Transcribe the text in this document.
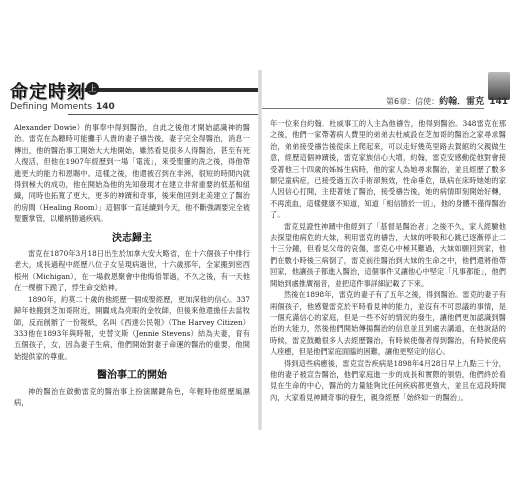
命定時刻 上
Defining Moments 140

Alexander Dowie）的事奉中得到醫治，自此之後他才開始認識神的醫治。雷克在為聽時可能攤手人貴的妻子禱告後，妻子完全得醫治，消息一傳出，他的醫治事工開始大大地開始，雖然看見很多人得醫治，甚至有死人復活，但他在1907年經歷到一場「電流」，來受聖靈的洗之後，得他帶進更大的能力和恩賜中。這樣之後，他還被召到在非洲，很短的時間內就得到極大的成功，他在開始為他的先知發現才在建立非常重要的低基和組織，同時也拓寬了更大，更多的神蹟和奇事，後來他回到北美建立了醫治的房間（Healing Room）」這個事一直延續到今天，他不斷強調要完全被聖靈掌管，以權柄勝過疾病。

決志歸主

雷克在1870年3月18日出生於加拿大安大略省，在十六個孩子中排行老大，成長過程中經歷八位子女呈現病過世，十六歲那年，全家搬到密西根州（Michigan），在一場救恩聚會中他悔悟罪過，不久之後，有一天他在一棵樹下跪了，悖生命交給神。

1890年，約莫二十歲的他經歷一個成聖經歷，更加深他的信心。337歸年他搬到芝加哥附近，開闢成為亮眼的金牧師，但後來他還擔任去當牧師，反而創辦了一份報紙，名叫《西達公民報》（The Harvey Citizen）333他在1893年與時報，史替文斯（Jennie Stevens）結為夫妻，育有五個孩子，女，因為妻子生病，他們開始對妻子命運的醫治的重要，他開始提供家的尊重。

醫治事工的開始

神的醫治在啟動雷克的醫治事上扮演關鍵角色，年輕時他經歷風濕病，

第6章：信使：約翰．雷克 141

年一位來自約翰．杜威事工的人主為他禱告，他得到醫治。348雷克在那之後，他們一家帶著病人費里的弟弟去杜威設在芝加哥的醫治之家尋求醫治，弟弟接受禱告後從床上爬起來，可以走好幾英里路去賀館的父親做生意，經歷這個神蹟後，雷克家族信心大增，約翰，雷克安感動從他對會接受著他三十四歲的姊姊生病時，他的家人為她尋求醫治，並且經歷了數多類兒童病症，已接受過五次手術卻無效，性命垂危，臥病在床時她她的家人因信心打開，主使著她了醫治，接受禱告後，她的病情即刻開始好轉，不再流血，這樣健康不知道，知道「相信勝於一切」，他的身體不僅得醫治了。

雷克見證性神蹟中他經到了「基督是醫治者」之後不久，家人經驗他去探望他病危的大妹，利用雷克的禱告，大妹的呼吸和心跳已逐漸停止二十三分鐘，但看見父母的哀傷，雷克心中極其難過，大妹如願回到家，他們在數小時後三病倒了，雷克前往醫治到大妹的生命之中，他們還將他帶回家，他讓孩子都進入醫治，這個事件又讓他心中堅定「凡事都能」，他們開始到處推廣福音，並把這件事詳細記載了下來。

然後在1898年，雷克的妻子有了五年之後，得到醫治。雷克的妻子有兩個孩子，他感覺雷克於平時看見神的能力，並沒有不可思議的事情，是一個充滿信心的家庭，但是一些不好的情況的發生，讓他們更加認識到醫治的大能力，然後他們開始傳揚醫治的信息並且到處去講道，在他說話的時候，雷克鼓勵很多人去經歷醫治，有時候使傷者得到醫治，有時候使病人痊癒，但是他們家庭面臨的困難，讓他更堅定的信心。

得到這些病癒後，雷克宣告疾病是1898年4月28日早上九點三十分，他的妻子被宣告醫治，他們家庭進一步的成長和實際的領悟，他們終於看見在生命的中心，醫治的力量能夠比任何疾病都更強大，並且在這段時間內，大家看見神蹟奇事的發生，親身經歷「始終如一的醫治」。
